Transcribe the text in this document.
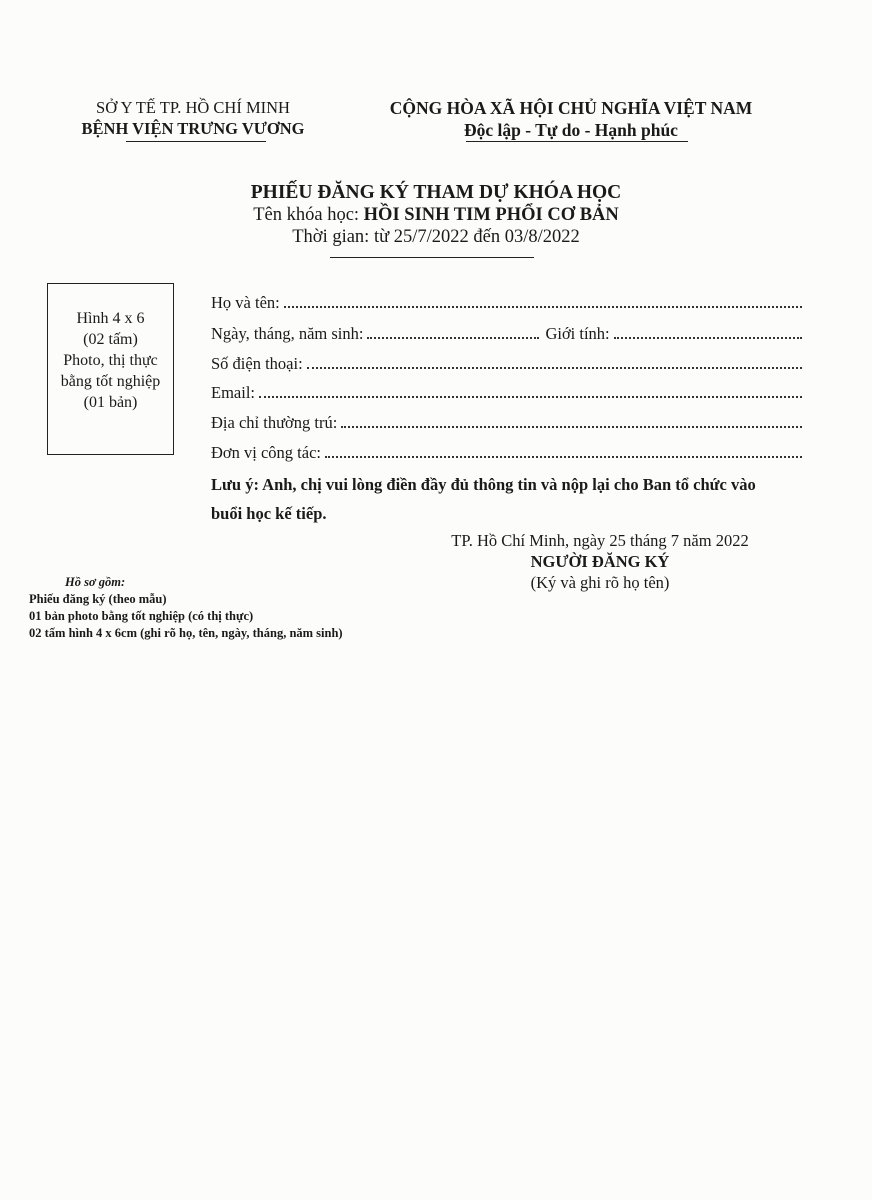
SỞ Y TẾ TP. HỒ CHÍ MINH
BỆNH VIỆN TRƯNG VƯƠNG
CỘNG HÒA XÃ HỘI CHỦ NGHĨA VIỆT NAM
Độc lập - Tự do - Hạnh phúc
PHIẾU ĐĂNG KÝ THAM DỰ KHÓA HỌC
Tên khóa học: HỒI SINH TIM PHỔI CƠ BẢN
Thời gian: từ 25/7/2022 đến 03/8/2022
Hình 4 x 6
(02 tấm)
Photo, thị thực
bằng tốt nghiệp
(01 bản)
Họ và tên:
Ngày, tháng, năm sinh:	Giới tính:
Số điện thoại:
Email:
Địa chỉ thường trú:
Đơn vị công tác:
Lưu ý: Anh, chị vui lòng điền đầy đủ thông tin và nộp lại cho Ban tổ chức vào
buổi học kế tiếp.
TP. Hồ Chí Minh, ngày 25 tháng 7 năm 2022
NGƯỜI ĐĂNG KÝ
(Ký và ghi rõ họ tên)
Hồ sơ gồm:
Phiếu đăng ký (theo mẫu)
01 bản photo bằng tốt nghiệp (có thị thực)
02 tấm hình 4 x 6cm (ghi rõ họ, tên, ngày, tháng, năm sinh)
